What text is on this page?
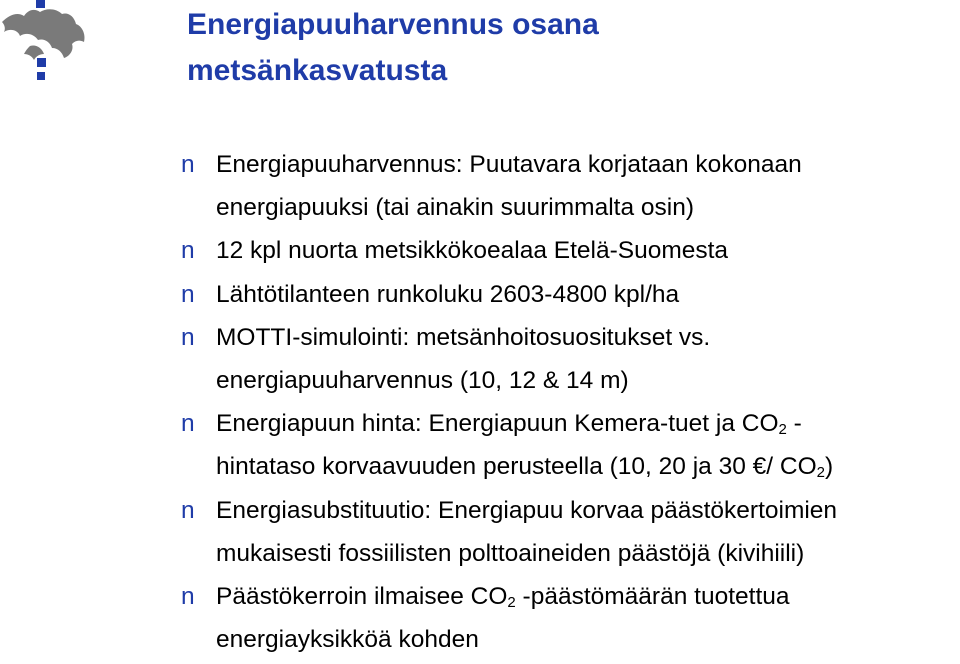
Energiapuuharvennus osana
metsänkasvatusta
n Energiapuuharvennus: Puutavara korjataan kokonaan
energiapuuksi (tai ainakin suurimmalta osin)
n 12 kpl nuorta metsikkökoealaa Etelä-Suomesta
n Lähtötilanteen runkoluku 2603-4800 kpl/ha
n MOTTI-simulointi: metsänhoitosuositukset vs.
energiapuuharvennus (10, 12 & 14 m)
n Energiapuun hinta: Energiapuun Kemera-tuet ja $CO_2$ -
hintataso korvaavuuden perusteella (10, 20 ja 30 €/ $CO_2$)
n Energiasubstituutio: Energiapuu korvaa päästökertoimien
mukaisesti fossiilisten polttoaineiden päästöjä (kivihiili)
n Päästökerroin ilmaisee $CO_2$ -päästömäärän tuotettua
energiayksikköä kohden
